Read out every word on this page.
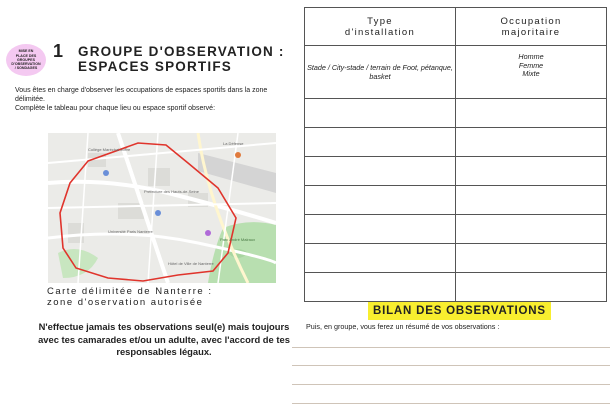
MISE EN
PLACE DES
GROUPES
D'OBSERVATION
/ SONDAGES
1 GROUPE D'OBSERVATION :
ESPACES SPORTIFS

Vous êtes en charge d'observer les occupations de espaces sportifs dans la zone délimitée.

Complète le tableau pour chaque lieu ou espace sportif observé:

Collège Maréchal Joffre
La Défense
Préfecture des Hauts-de-Seine
Université Paris Nanterre
Parc André Malraux
Hôtel de Ville de Nanterre
Carte délimitée de Nanterre :
zone d'oservation autorisée
N'effectue jamais tes observations seul(e) mais toujours avec tes camarades et/ou un adulte, avec l'accord de tes responsables légaux.
Type
d'installation	Occupation
majoritaire

Stade / City-stade / terrain de Foot, pétanque, basket	Homme
Femme
Mixte

BILAN DES OBSERVATIONS
Puis, en groupe, vous ferez un résumé de vos observations :
